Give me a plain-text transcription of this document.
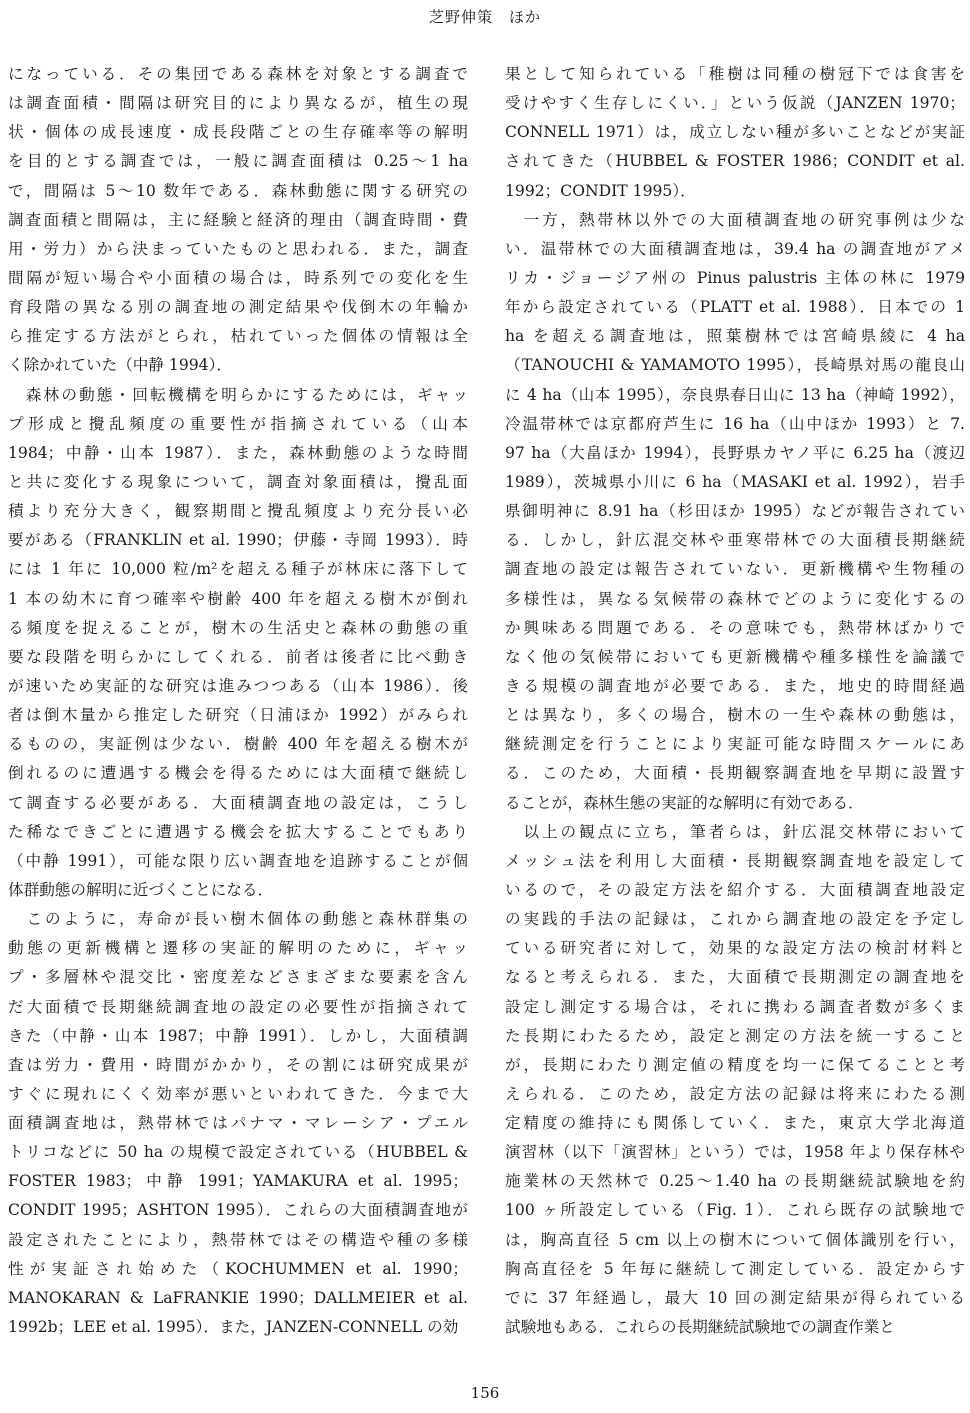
芝野伸策　ほか
になっている．その集団である森林を対象とする調査で
は調査面積・間隔は研究目的により異なるが，植生の現
状・個体の成長速度・成長段階ごとの生存確率等の解明
を目的とする調査では，一般に調査面積は 0.25〜1 ha
で，間隔は 5〜10 数年である．森林動態に関する研究の
調査面積と間隔は，主に経験と経済的理由（調査時間・費
用・労力）から決まっていたものと思われる．また，調査
間隔が短い場合や小面積の場合は，時系列での変化を生
育段階の異なる別の調査地の測定結果や伐倒木の年輪か
ら推定する方法がとられ，枯れていった個体の情報は全
く除かれていた（中静 1994）．
　森林の動態・回転機構を明らかにするためには，ギャッ
プ形成と攪乱頻度の重要性が指摘されている（山本
1984；中静・山本 1987）．また，森林動態のような時間
と共に変化する現象について，調査対象面積は，攪乱面
積より充分大きく，観察期間と攪乱頻度より充分長い必
要がある（FRANKLIN et al. 1990；伊藤・寺岡 1993）．時
には 1 年に 10,000 粒/m²を超える種子が林床に落下して
1 本の幼木に育つ確率や樹齢 400 年を超える樹木が倒れ
る頻度を捉えることが，樹木の生活史と森林の動態の重
要な段階を明らかにしてくれる．前者は後者に比べ動き
が速いため実証的な研究は進みつつある（山本 1986）．後
者は倒木量から推定した研究（日浦ほか 1992）がみられ
るものの，実証例は少ない．樹齢 400 年を超える樹木が
倒れるのに遭遇する機会を得るためには大面積で継続し
て調査する必要がある．大面積調査地の設定は，こうし
た稀なできごとに遭遇する機会を拡大することでもあり
（中静 1991），可能な限り広い調査地を追跡することが個
体群動態の解明に近づくことになる．
　このように，寿命が長い樹木個体の動態と森林群集の
動態の更新機構と遷移の実証的解明のために，ギャッ
プ・多層林や混交比・密度差などさまざまな要素を含ん
だ大面積で長期継続調査地の設定の必要性が指摘されて
きた（中静・山本 1987；中静 1991）．しかし，大面積調
査は労力・費用・時間がかかり，その割には研究成果が
すぐに現れにくく効率が悪いといわれてきた．今まで大
面積調査地は，熱帯林ではパナマ・マレーシア・プエル
トリコなどに 50 ha の規模で設定されている（HUBBEL &
FOSTER 1983；中静 1991；YAMAKURA et al. 1995；
CONDIT 1995；ASHTON 1995）．これらの大面積調査地が
設定されたことにより，熱帯林ではその構造や種の多様
性が実証され始めた（KOCHUMMEN et al. 1990；
MANOKARAN & LaFRANKIE 1990；DALLMEIER et al.
1992b；LEE et al. 1995）．また，JANZEN-CONNELL の効
果として知られている「稚樹は同種の樹冠下では食害を
受けやすく生存しにくい．」という仮説（JANZEN 1970；
CONNELL 1971）は，成立しない種が多いことなどが実証
されてきた（HUBBEL & FOSTER 1986；CONDIT et al.
1992；CONDIT 1995）．
　一方，熱帯林以外での大面積調査地の研究事例は少な
い．温帯林での大面積調査地は，39.4 ha の調査地がアメ
リカ・ジョージア州の Pinus palustris 主体の林に 1979
年から設定されている（PLATT et al. 1988）．日本での 1
ha を超える調査地は，照葉樹林では宮崎県綾に 4 ha
（TANOUCHI & YAMAMOTO 1995），長崎県対馬の龍良山
に 4 ha（山本 1995），奈良県春日山に 13 ha（神崎 1992），
冷温帯林では京都府芦生に 16 ha（山中ほか 1993）と 7.
97 ha（大畠ほか 1994），長野県カヤノ平に 6.25 ha（渡辺
1989），茨城県小川に 6 ha（MASAKI et al. 1992），岩手
県御明神に 8.91 ha（杉田ほか 1995）などが報告されてい
る．しかし，針広混交林や亜寒帯林での大面積長期継続
調査地の設定は報告されていない．更新機構や生物種の
多様性は，異なる気候帯の森林でどのように変化するの
か興味ある問題である．その意味でも，熱帯林ばかりで
なく他の気候帯においても更新機構や種多様性を論議で
きる規模の調査地が必要である．また，地史的時間経過
とは異なり，多くの場合，樹木の一生や森林の動態は，
継続測定を行うことにより実証可能な時間スケールにあ
る．このため，大面積・長期観察調査地を早期に設置す
ることが，森林生態の実証的な解明に有効である．
　以上の観点に立ち，筆者らは，針広混交林帯において
メッシュ法を利用し大面積・長期観察調査地を設定して
いるので，その設定方法を紹介する．大面積調査地設定
の実践的手法の記録は，これから調査地の設定を予定し
ている研究者に対して，効果的な設定方法の検討材料と
なると考えられる．また，大面積で長期測定の調査地を
設定し測定する場合は，それに携わる調査者数が多くま
た長期にわたるため，設定と測定の方法を統一すること
が，長期にわたり測定値の精度を均一に保てることと考
えられる．このため，設定方法の記録は将来にわたる測
定精度の維持にも関係していく．また，東京大学北海道
演習林（以下「演習林」という）では，1958 年より保存林や
施業林の天然林で 0.25〜1.40 ha の長期継続試験地を約
100 ヶ所設定している（Fig. 1）．これら既存の試験地で
は，胸高直径 5 cm 以上の樹木について個体識別を行い，
胸高直径を 5 年毎に継続して測定している．設定からす
でに 37 年経過し，最大 10 回の測定結果が得られている
試験地もある．これらの長期継続試験地での調査作業と
156
